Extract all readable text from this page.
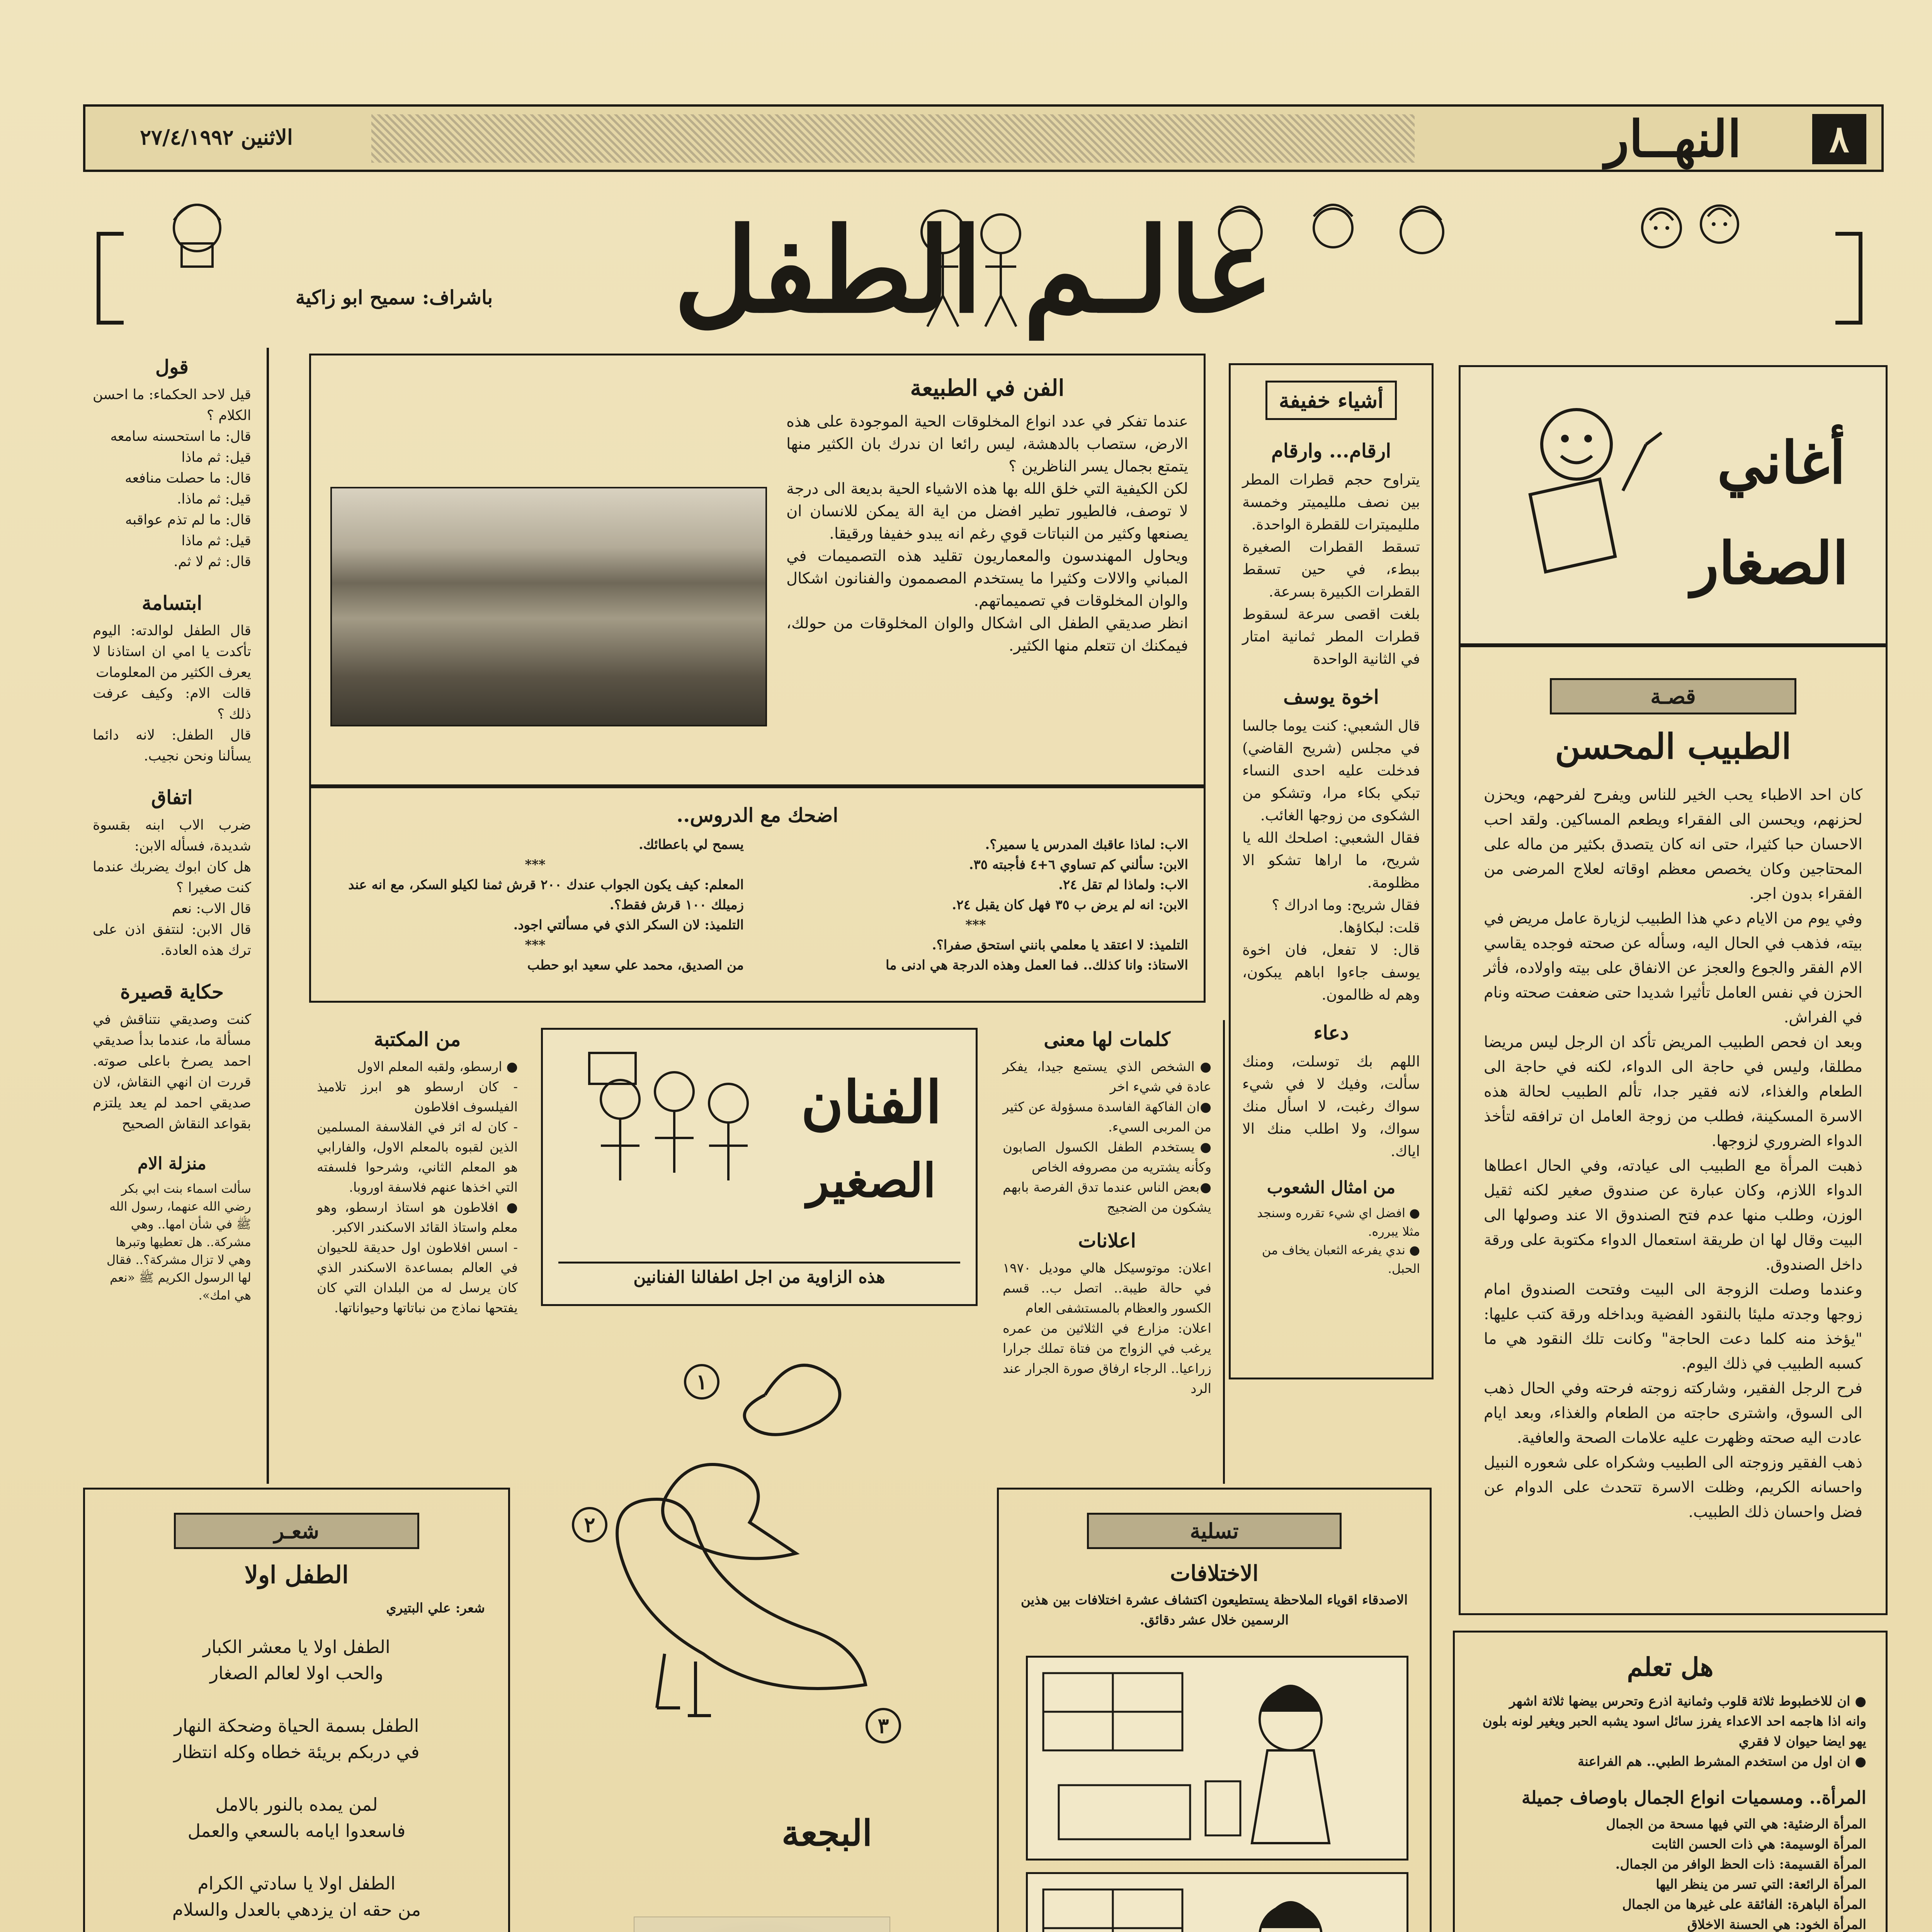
٨
النهــار
الاثنين ٢٧/٤/١٩٩٢
عالـم الطفل
باشراف: سميح ابو زاكية
أغاني
الصغار
قصـة
الطبيب المحسن
كان احد الاطباء يحب الخير للناس ويفرح لفرحهم، ويحزن لحزنهم، ويحسن الى الفقراء ويطعم المساكين. ولقد احب الاحسان حبا كثيرا، حتى انه كان يتصدق بكثير من ماله على المحتاجين وكان يخصص معظم اوقاته لعلاج المرضى من الفقراء بدون اجر.
وفي يوم من الايام دعي هذا الطبيب لزيارة عامل مريض في بيته، فذهب في الحال اليه، وسأله عن صحته فوجده يقاسي الام الفقر والجوع والعجز عن الانفاق على بيته واولاده، فأثر الحزن في نفس العامل تأثيرا شديدا حتى ضعفت صحته ونام في الفراش.
وبعد ان فحص الطبيب المريض تأكد ان الرجل ليس مريضا مطلقا، وليس في حاجة الى الدواء، لكنه في حاجة الى الطعام والغذاء، لانه فقير جدا، تألم الطبيب لحالة هذه الاسرة المسكينة، فطلب من زوجة العامل ان ترافقه لتأخذ الدواء الضروري لزوجها.
ذهبت المرأة مع الطبيب الى عيادته، وفي الحال اعطاها الدواء اللازم، وكان عبارة عن صندوق صغير لكنه ثقيل الوزن، وطلب منها عدم فتح الصندوق الا عند وصولها الى البيت وقال لها ان طريقة استعمال الدواء مكتوبة على ورقة داخل الصندوق.
وعندما وصلت الزوجة الى البيت وفتحت الصندوق امام زوجها وجدته مليئا بالنقود الفضية وبداخله ورقة كتب عليها: "يؤخذ منه كلما دعت الحاجة" وكانت تلك النقود هي ما كسبه الطبيب في ذلك اليوم.
فرح الرجل الفقير، وشاركته زوجته فرحته وفي الحال ذهب الى السوق، واشترى حاجته من الطعام والغذاء، وبعد ايام عادت اليه صحته وظهرت عليه علامات الصحة والعافية.
ذهب الفقير وزوجته الى الطبيب وشكراه على شعوره النبيل واحسانه الكريم، وظلت الاسرة تتحدث على الدوام عن فضل واحسان ذلك الطبيب.
هل تعلم
● ان للاخطبوط ثلاثة قلوب وثمانية اذرع وتحرس بيضها ثلاثة اشهر
وانه اذا هاجمه احد الاعداء يفرز سائل اسود يشبه الحبر ويغير لونه بلون يهو ايضا حيوان لا فقري
● ان اول من استخدم المشرط الطبي.. هم الفراعنة
المرأة.. ومسميات انواع الجمال باوصاف جميلة
المرأة الرضئية: هي التي فيها مسحة من الجمال
المرأة الوسيمة: هي ذات الحسن الثابت
المرأة القسيمة: ذات الحظ الوافر من الجمال.
المرأة الرائعة: التي تسر من ينظر اليها
المرأة الباهرة: الفائقة على غيرها من الجمال
المرأة الخود: هي الحسنة الاخلاق
أشياء خفيفة
ارقام... وارقام
يتراوح حجم قطرات المطر بين نصف ملليميتر وخمسة ملليميترات للقطرة الواحدة.
تسقط القطرات الصغيرة ببطء، في حين تسقط القطرات الكبيرة بسرعة.
بلغت اقصى سرعة لسقوط قطرات المطر ثمانية امتار في الثانية الواحدة
اخوة يوسف
قال الشعبي: كنت يوما جالسا في مجلس (شريح القاضي) فدخلت عليه احدى النساء تبكي بكاء مرا، وتشكو من الشكوى من زوجها الغائب.
فقال الشعبي: اصلحك الله يا شريح، ما اراها تشكو الا مظلومة.
فقال شريح: وما ادراك ؟
قلت: لبكاؤها.
قال: لا تفعل، فان اخوة يوسف جاءوا اباهم يبكون، وهم له ظالمون.
دعاء
اللهم بك توسلت، ومنك سألت، وفيك لا في شيء سواك رغبت، لا اسأل منك سواك، ولا اطلب منك الا اياك.
من امثال الشعوب
● افضل اي شيء تقرره وسنجد مثلا يبرره.
● ندي يفرعه الثعبان يخاف من الحبل.
الفن في الطبيعة
عندما تفكر في عدد انواع المخلوقات الحية الموجودة على هذه الارض، ستصاب بالدهشة، ليس رائعا ان ندرك بان الكثير منها يتمتع بجمال يسر الناظرين ؟
لكن الكيفية التي خلق الله بها هذه الاشياء الحية بديعة الى درجة لا توصف، فالطيور تطير افضل من اية الة يمكن للانسان ان يصنعها وكثير من النباتات قوي رغم انه يبدو خفيفا ورقيقا.
ويحاول المهندسون والمعماريون تقليد هذه التصميمات في المباني والالات وكثيرا ما يستخدم المصممون والفنانون اشكال والوان المخلوقات في تصميماتهم.
انظر صديقي الطفل الى اشكال والوان المخلوقات من حولك، فيمكنك ان تتعلم منها الكثير.
اضحك مع الدروس..
الاب: لماذا عاقبك المدرس يا سمير؟.
الابن: سألني كم تساوي ٦+٤ فأجبته ٣٥.
الاب: ولماذا لم تقل ٢٤.
الابن: انه لم يرض ب ٣٥ فهل كان يقبل ٢٤.
***
التلميذ: لا اعتقد يا معلمي بانني استحق صفرا؟.
الاستاذ: وانا كذلك.. فما العمل وهذه الدرجة هي ادنى ما
يسمح لي باعطائك.
***
المعلم: كيف يكون الجواب عندك ٢٠٠ قرش ثمنا لكيلو السكر، مع انه عند زميلك ١٠٠ قرش فقط؟.
التلميذ: لان السكر الذي في مسألتي اجود.
***
من الصديق، محمد علي سعيد ابو حطب
قول
قيل لاحد الحكماء: ما احسن الكلام ؟
قال: ما استحسنه سامعه
قيل: ثم ماذا
قال: ما حصلت منافعه
قيل: ثم ماذا.
قال: ما لم تذم عواقبه
قيل: ثم ماذا
قال: ثم لا ثم.
ابتسامة
قال الطفل لوالدته: اليوم تأكدت يا امي ان استاذنا لا يعرف الكثير من المعلومات
قالت الام: وكيف عرفت ذلك ؟
قال الطفل: لانه دائما يسألنا ونحن نجيب.
اتفاق
ضرب الاب ابنه بقسوة شديدة، فسأله الابن:
هل كان ابوك يضربك عندما كنت صغيرا ؟
قال الاب: نعم
قال الابن: لنتفق اذن على ترك هذه العادة.
حكاية قصيرة
كنت وصديقي نتناقش في مسألة ما، عندما بدأ صديقي احمد يصرخ باعلى صوته. قررت ان انهي النقاش، لان صديقي احمد لم يعد يلتزم بقواعد النقاش الصحيح
منزلة الام
سألت اسماء بنت ابي بكر رضي الله عنهما، رسول الله ﷺ في شأن امها.. وهي مشركة.. هل تعطيها وتبرها وهي لا تزال مشركة؟.. فقال لها الرسول الكريم ﷺ «نعم هي امك».
من المكتبة
● ارسطو، ولقبه المعلم الاول
- كان ارسطو هو ابرز تلاميذ الفيلسوف افلاطون
- كان له اثر في الفلاسفة المسلمين الذين لقبوه بالمعلم الاول، والفارابي هو المعلم الثاني، وشرحوا فلسفته التي اخذها عنهم فلاسفة اوروبا.
● افلاطون هو استاذ ارسطو، وهو معلم واستاذ القائد الاسكندر الاكبر.
- اسس افلاطون اول حديقة للحيوان في العالم بمساعدة الاسكندر الذي كان يرسل له من البلدان التي كان يفتحها نماذج من نباتاتها وحيواناتها.
الفنان
الصغير
هذه الزاوية من اجل اطفالنا الفنانين
١
٢
٣
البجعة
كلمات لها معنى
●الشخص الذي يستمع جيدا، يفكر عادة في شيء اخر
●ان الفاكهة الفاسدة مسؤولة عن كثير من المربى السيء.
●يستخدم الطفل الكسول الصابون وكأنه يشتريه من مصروفه الخاص
●بعض الناس عندما تدق الفرصة بابهم يشكون من الضجيج
اعلانات
اعلان: موتوسيكل هالي موديل ١٩٧٠ في حالة طيبة.. اتصل ب.. قسم الكسور والعظام بالمستشفى العام
اعلان: مزارع في الثلاثين من عمره يرغب في الزواج من فتاة تملك جرارا زراعيا.. الرجاء ارفاق صورة الجرار عند الرد
شعـر
الطفل اولا
شعر: علي البتيري
الطفل اولا يا معشر الكبار
والحب اولا لعالم الصغار

الطفل بسمة الحياة وضحكة النهار
في دربكم بريئة خطاه وكله انتظار

لمن يمده بالنور بالامل
فاسعدوا ايامه بالسعي والعمل

الطفل اولا يا سادتي الكرام
من حقه ان يزدهي بالعدل والسلام

تسلية
الاختلافات
الاصدقاء اقوياء الملاحظة يستطيعون اكتشاف عشرة اختلافات بين هذين الرسمين خلال عشر دقائق.
